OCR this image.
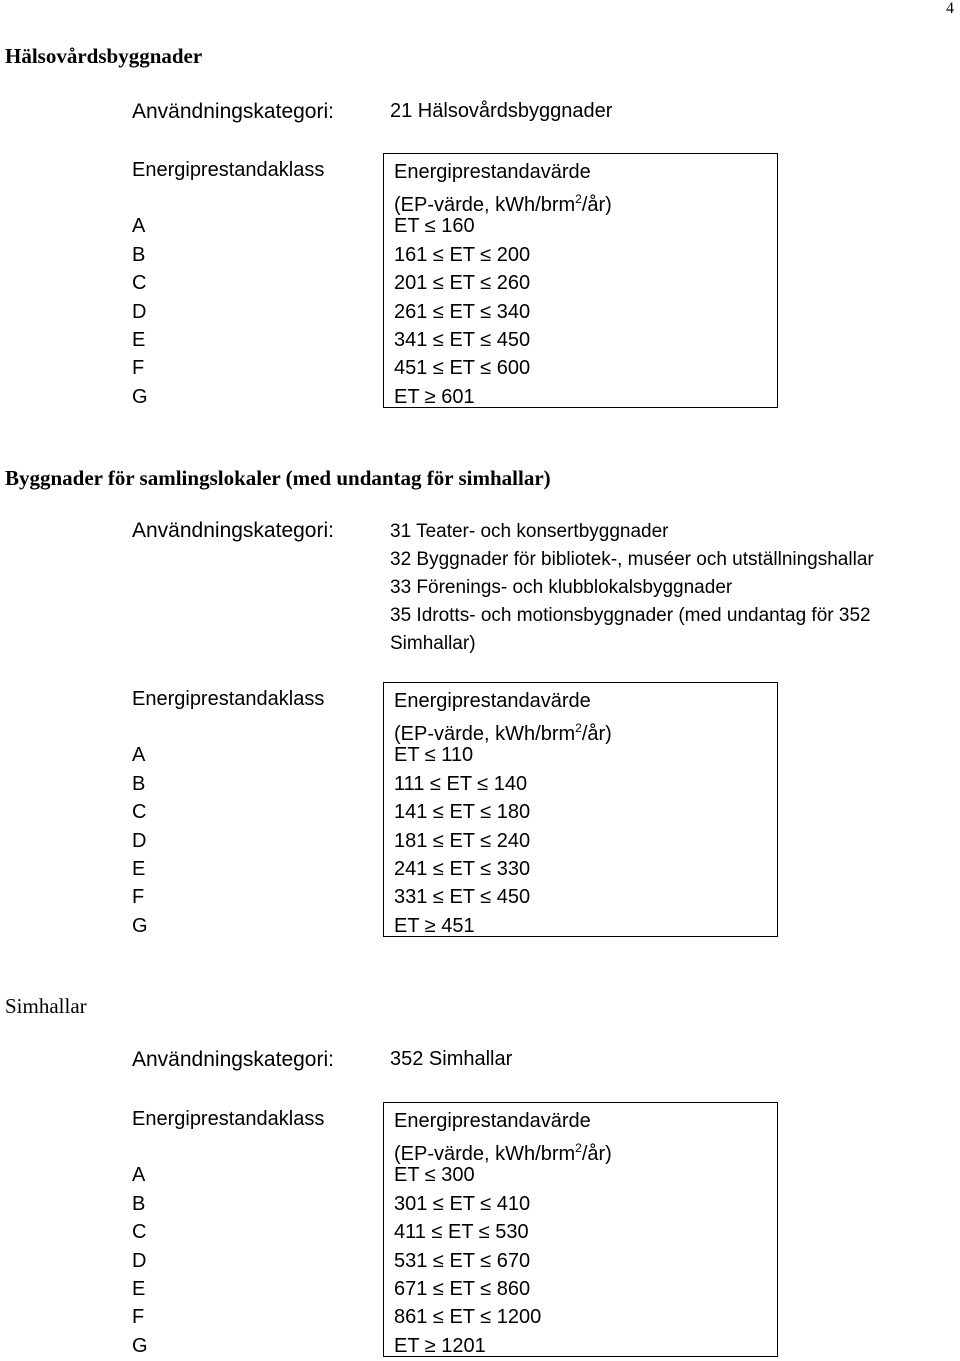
4
Hälsovårdsbyggnader
Användningskategori:	21 Hälsovårdsbyggnader
Energiprestandaklass	Energiprestandavärde
(EP-värde, kWh/brm$^2$/år)
A	ET ≤ 160
B	161 ≤ ET ≤ 200
C	201 ≤ ET ≤ 260
D	261 ≤ ET ≤ 340
E	341 ≤ ET ≤ 450
F	451 ≤ ET ≤ 600
G	ET ≥ 601
Byggnader för samlingslokaler (med undantag för simhallar)
Användningskategori:	31 Teater- och konsertbyggnader
32 Byggnader för bibliotek-, muséer och utställningshallar
33 Förenings- och klubblokalsbyggnader
35 Idrotts- och motionsbyggnader (med undantag för 352
Simhallar)
Energiprestandaklass	Energiprestandavärde
(EP-värde, kWh/brm$^2$/år)
A	ET ≤ 110
B	111 ≤ ET ≤ 140
C	141 ≤ ET ≤ 180
D	181 ≤ ET ≤ 240
E	241 ≤ ET ≤ 330
F	331 ≤ ET ≤ 450
G	ET ≥ 451
Simhallar
Användningskategori:	352 Simhallar
Energiprestandaklass	Energiprestandavärde
(EP-värde, kWh/brm$^2$/år)
A	ET ≤ 300
B	301 ≤ ET ≤ 410
C	411 ≤ ET ≤ 530
D	531 ≤ ET ≤ 670
E	671 ≤ ET ≤ 860
F	861 ≤ ET ≤ 1200
G	ET ≥ 1201
